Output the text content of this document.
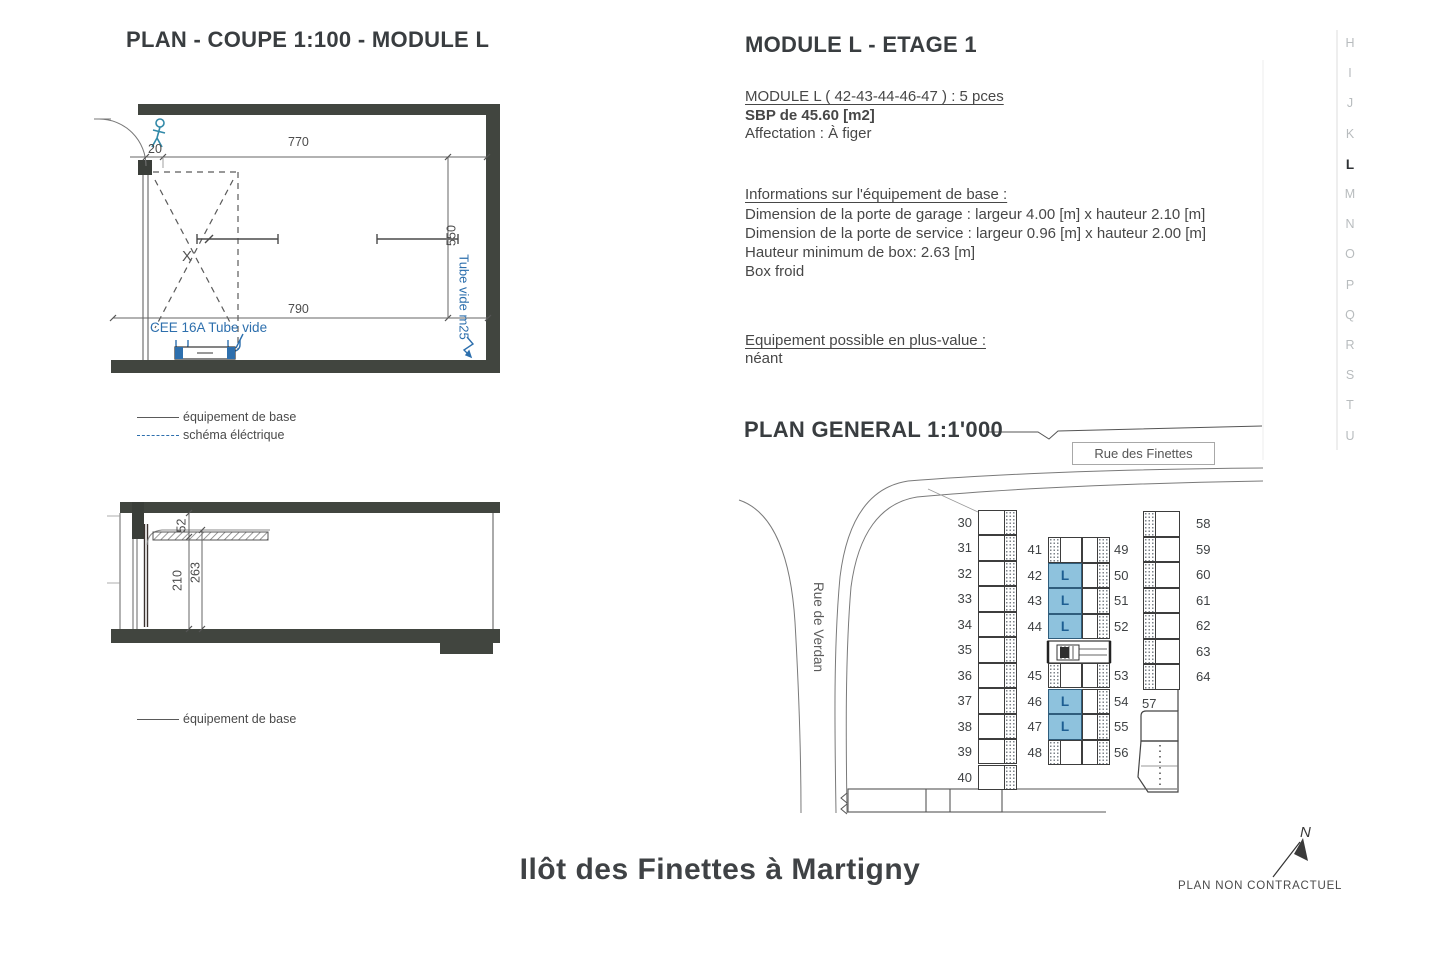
PLAN - COUPE 1:100 - MODULE L
20	770
790
550
X
CEE 16A Tube vide	Tube vide m25
équipement de base
schéma éléctrique
52
210 263
équipement de base
MODULE L - ETAGE 1
MODULE L ( 42-43-44-46-47 ) : 5 pces
SBP de 45.60 [m2]
Affectation : À figer
Informations sur l'équipement de base :
Dimension de la porte de garage : largeur 4.00 [m] x hauteur 2.10 [m]
Dimension de la porte de service : largeur 0.96 [m] x hauteur 2.00 [m]
Hauteur minimum de box: 2.63 [m]
Box froid
Equipement possible en plus-value :
néant
PLAN GENERAL 1:1'000
Rue des Finettes
Rue de Verdan
57
Ilôt des Finettes à Martigny	PLAN NON CONTRACTUEL
N
H
I
J
K
L
M
N
O
P
Q
R
S
T
U
30
31
32
33
34
35
36
37
38
39
40
58
59
60
61
62
63
64
41	49
L
42	50
L
43	51
L
44	52
45	53
L
46	54
L
47	55
48	56
